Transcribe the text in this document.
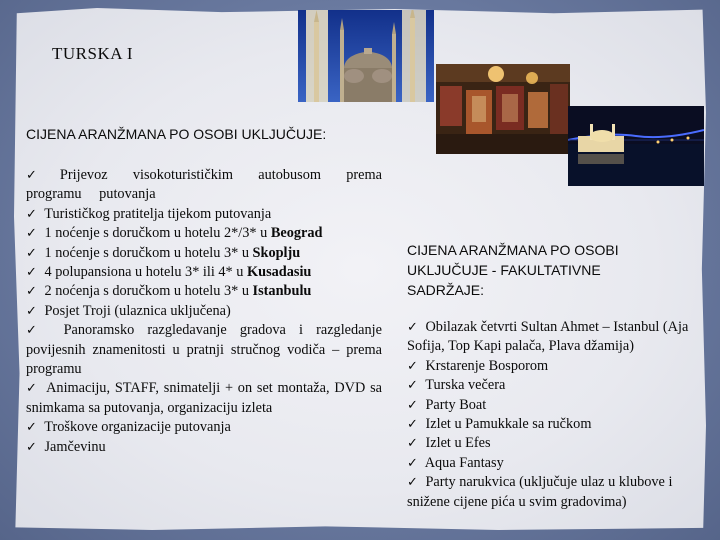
TURSKA I
CIJENA ARANŽMANA PO OSOBI UKLJUČUJE:
✓ Prijevoz visokoturističkim autobusom prema programu putovanja
✓ Turističkog pratitelja tijekom putovanja
✓ 1 noćenje s doručkom u hotelu 2*/3* u Beograd
✓ 1 noćenje s doručkom u hotelu 3* u Skoplju
✓ 4 polupansiona u hotelu 3* ili 4* u Kusadasiu
✓ 2 noćenja s doručkom u hotelu 3* u Istanbulu
✓ Posjet Troji (ulaznica uključena)
✓ Panoramsko razgledavanje gradova i razgledanje povijesnih znamenitosti u pratnji stručnog vodiča – prema programu
✓ Animaciju, STAFF, snimatelji + on set montaža, DVD sa snimkama sa putovanja, organizaciju izleta
✓ Troškove organizacije putovanja
✓ Jamčevinu
CIJENA ARANŽMANA PO OSOBI UKLJUČUJE - FAKULTATIVNE SADRŽAJE:
✓ Obilazak četvrti Sultan Ahmet – Istanbul (Aja Sofija, Top Kapi palača, Plava džamija)
✓ Krstarenje Bosporom
✓ Turska večera
✓ Party Boat
✓ Izlet u Pamukkale sa ručkom
✓ Izlet u Efes
✓ Aqua Fantasy
✓ Party narukvica (uključuje ulaz u klubove i snižene cijene pića u svim gradovima)
